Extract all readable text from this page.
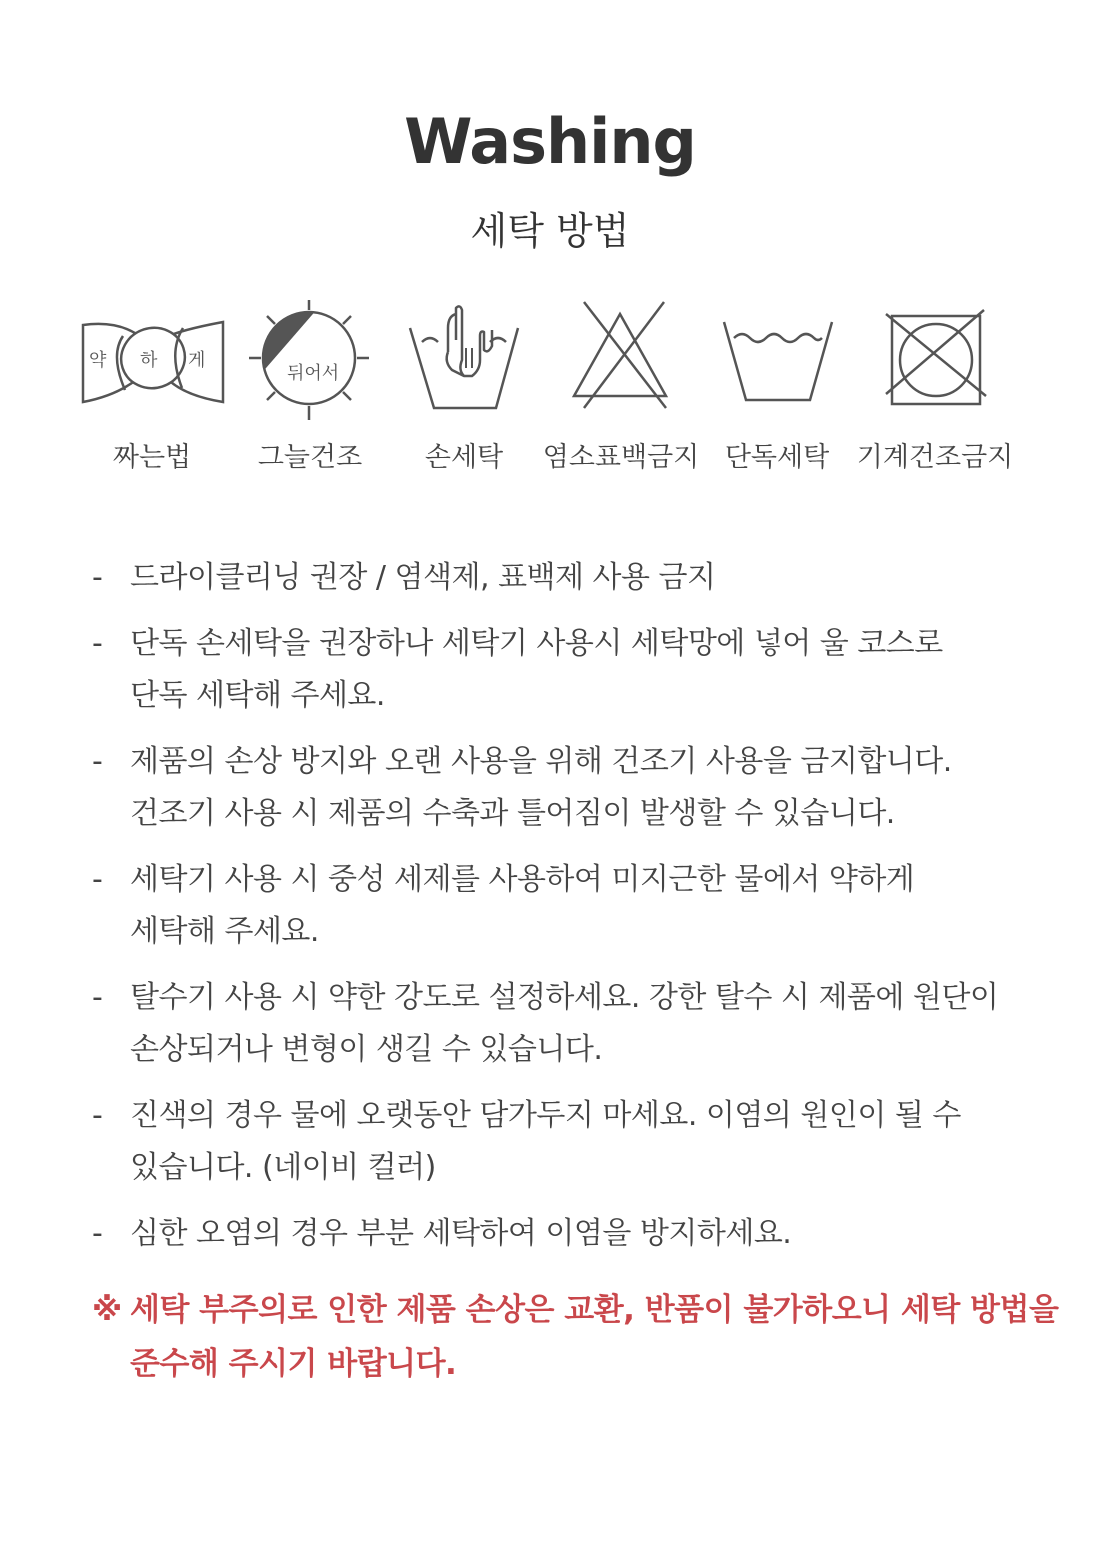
Washing
세탁 방법
약 하 게
짜는법
뒤어서
그늘건조 손세탁 염소표백금지 단독세탁 기계건조금지
- 드라이클리닝 권장 / 염색제, 표백제 사용 금지
- 단독 손세탁을 권장하나 세탁기 사용시 세탁망에 넣어 울 코스로
단독 세탁해 주세요.
- 제품의 손상 방지와 오랜 사용을 위해 건조기 사용을 금지합니다.
건조기 사용 시 제품의 수축과 틀어짐이 발생할 수 있습니다.
- 세탁기 사용 시 중성 세제를 사용하여 미지근한 물에서 약하게
세탁해 주세요.
- 탈수기 사용 시 약한 강도로 설정하세요. 강한 탈수 시 제품에 원단이
손상되거나 변형이 생길 수 있습니다.
- 진색의 경우 물에 오랫동안 담가두지 마세요. 이염의 원인이 될 수
있습니다. (네이비 컬러)
- 심한 오염의 경우 부분 세탁하여 이염을 방지하세요.
※ 세탁 부주의로 인한 제품 손상은 교환, 반품이 불가하오니 세탁 방법을
준수해 주시기 바랍니다.
